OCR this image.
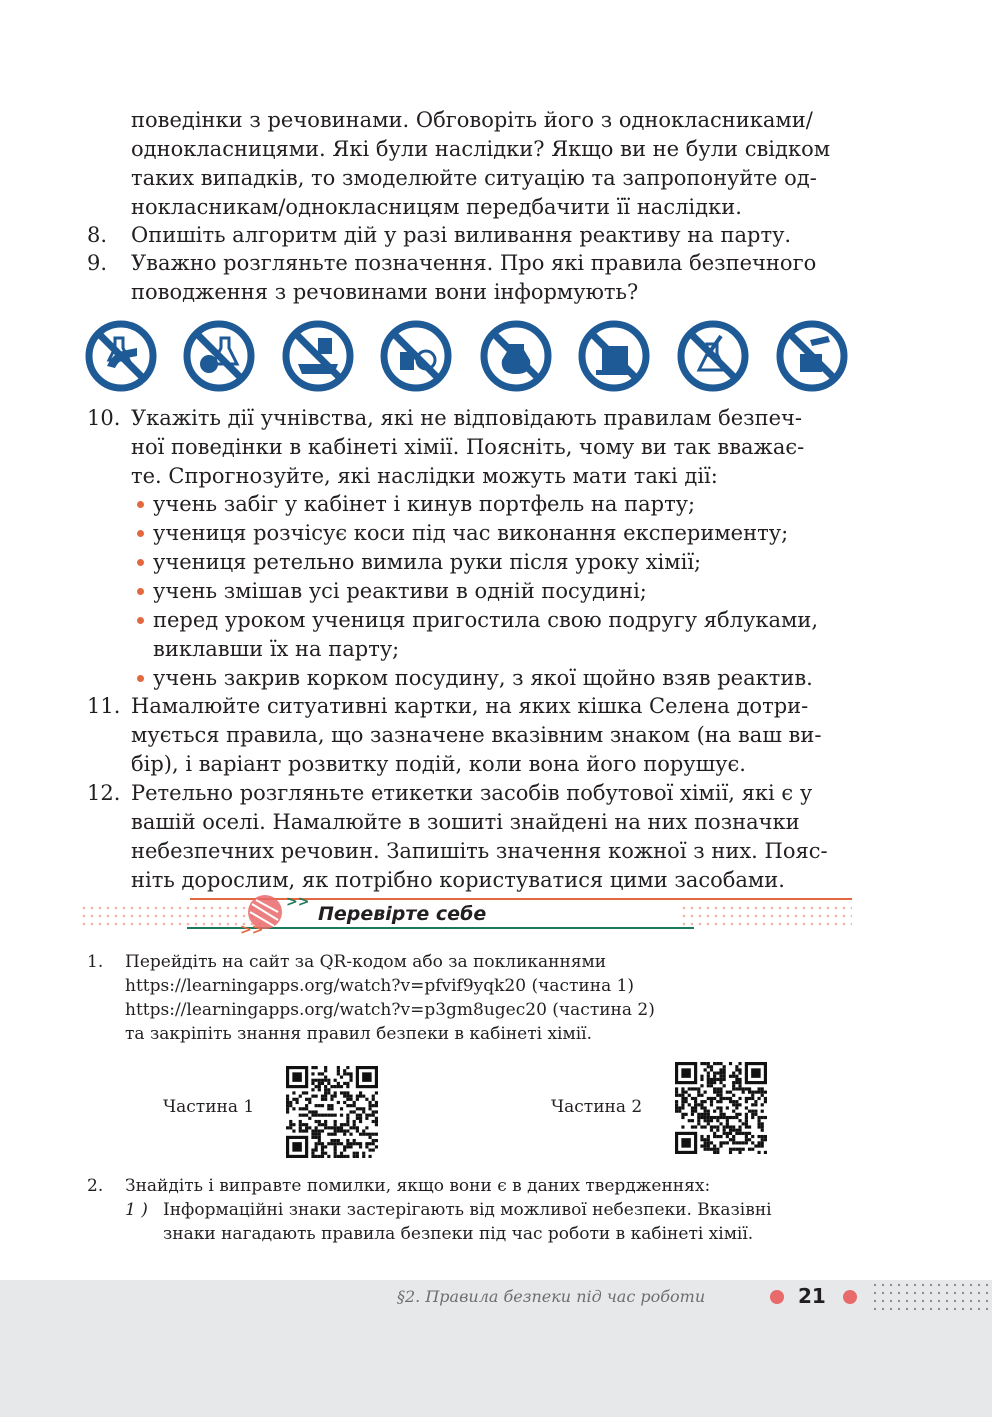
поведінки з речовинами. Обговоріть його з однокласниками/
однокласницями. Які були наслідки? Якщо ви не були свідком
таких випадків, то змоделюйте ситуацію та запропонуйте од-
нокласникам/однокласницям передбачити її наслідки.
8. Опишіть алгоритм дій у разі виливання реактиву на парту.
9. Уважно розгляньте позначення. Про які правила безпечного
поводження з речовинами вони інформують?
10. Укажіть дії учнівства, які не відповідають правилам безпеч-
ної поведінки в кабінеті хімії. Поясніть, чому ви так вважає-
те. Спрогнозуйте, які наслідки можуть мати такі дії:
учень забіг у кабінет і кинув портфель на парту;
учениця розчісує коси під час виконання експерименту;
учениця ретельно вимила руки після уроку хімії;
учень змішав усі реактиви в одній посудині;
перед уроком учениця пригостила свою подругу яблуками,
виклавши їх на парту;
учень закрив корком посудину, з якої щойно взяв реактив.
11. Намалюйте ситуативні картки, на яких кішка Селена дотри-
мується правила, що зазначене вказівним знаком (на ваш ви-
бір), і варіант розвитку подій, коли вона його порушує.
12. Ретельно розгляньте етикетки засобів побутової хімії, які є у
вашій оселі. Намалюйте в зошиті знайдені на них позначки
небезпечних речовин. Запишіть значення кожної з них. Пояс-
ніть дорослим, як потрібно користуватися цими засобами.
>>
>>
Перевірте себе
1. Перейдіть на сайт за QR-кодом або за покликаннями
https://learningapps.org/watch?v=pfvif9yqk20 (частина 1)
https://learningapps.org/watch?v=p3gm8ugec20 (частина 2)
та закріпіть знання правил безпеки в кабінеті хімії.
Частина 1	Частина 2
2. Знайдіть і виправте помилки, якщо вони є в даних твердженнях:
1 ) Інформаційні знаки застерігають від можливої небезпеки. Вказівні
знаки нагадають правила безпеки під час роботи в кабінеті хімії.
§2. Правила безпеки під час роботи	21
